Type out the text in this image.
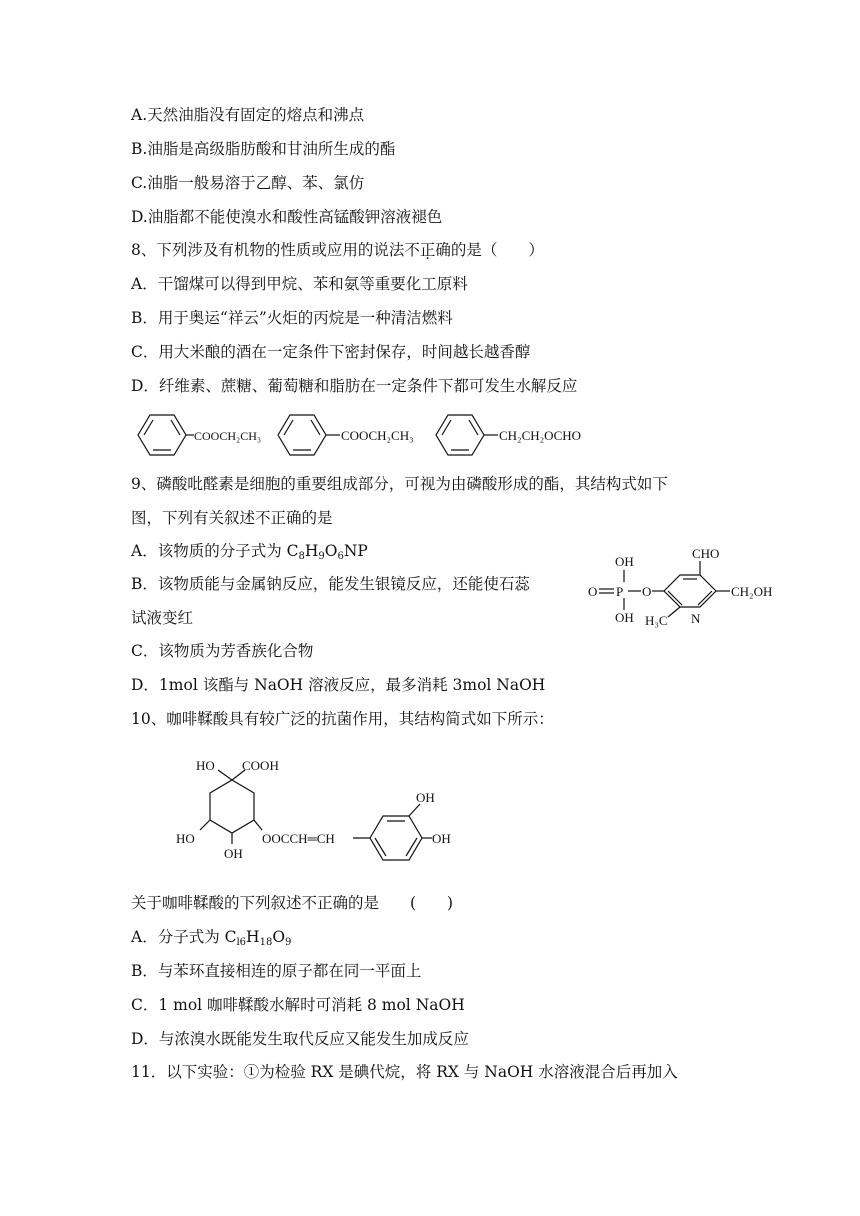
A.天然油脂没有固定的熔点和沸点
B.油脂是高级脂肪酸和甘油所生成的酯
C.油脂一般易溶于乙醇、苯、氯仿
D.油脂都不能使溴水和酸性高锰酸钾溶液褪色
8、下列涉及有机物的性质或应用的说法不正确的是（　　）
A．干馏煤可以得到甲烷、苯和氨等重要化工原料
B．用于奥运“祥云”火炬的丙烷是一种清洁燃料
C．用大米酿的酒在一定条件下密封保存，时间越长越香醇
D．纤维素、蔗糖、葡萄糖和脂肪在一定条件下都可发生水解反应
COOCH₂CH₃	COOCH₂CH₃	CH₂CH₂OCHO
9、磷酸吡醛素是细胞的重要组成部分，可视为由磷酸形成的酯，其结构式如下
图，下列有关叙述不正确的是
A．该物质的分子式为 $C_8H_9O_6NP$
B．该物质能与金属钠反应，能发生银镜反应，还能使石蕊
试液变红
C．该物质为芳香族化合物
D．1mol 该酯与 NaOH 溶液反应，最多消耗 3mol NaOH
OH
O P O
OH
CHO
CH₂OH
H₃C N
10、咖啡鞣酸具有较广泛的抗菌作用，其结构简式如下所示：
HO COOH
HO
OH
OOCCH═CH
OH
OH
关于咖啡鞣酸的下列叙述不正确的是　　(　　)
A．分子式为 $C_{l6}H_{18}O_9$
B．与苯环直接相连的原子都在同一平面上
C．1 mol 咖啡鞣酸水解时可消耗 8 mol NaOH
D．与浓溴水既能发生取代反应又能发生加成反应
11．以下实验：①为检验 RX 是碘代烷，将 RX 与 NaOH 水溶液混合后再加入
